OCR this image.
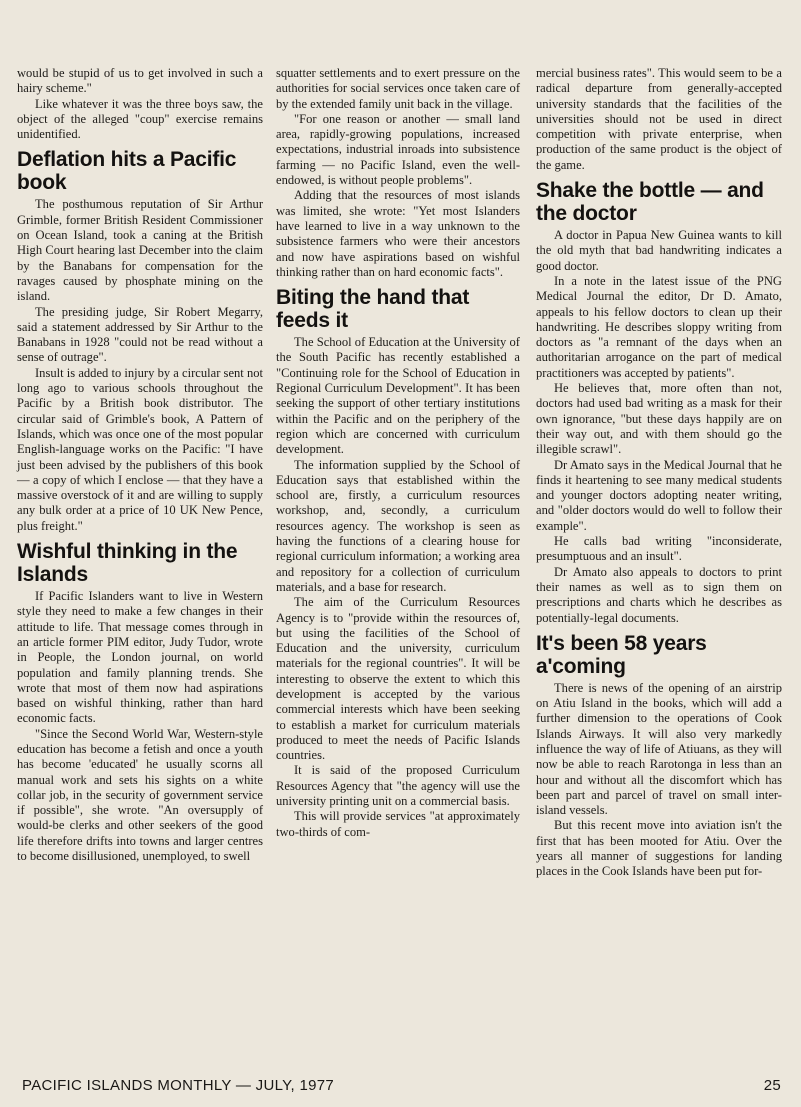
would be stupid of us to get involved in such a hairy scheme."

Like whatever it was the three boys saw, the object of the alleged "coup" exercise remains unidentified.

Deflation hits a Pacific book

The posthumous reputation of Sir Arthur Grimble, former British Resident Commissioner on Ocean Island, took a caning at the British High Court hearing last December into the claim by the Banabans for compensation for the ravages caused by phosphate mining on the island.

The presiding judge, Sir Robert Megarry, said a statement addressed by Sir Arthur to the Banabans in 1928 "could not be read without a sense of outrage".

Insult is added to injury by a circular sent not long ago to various schools throughout the Pacific by a British book distributor. The circular said of Grimble's book, A Pattern of Islands, which was once one of the most popular English-language works on the Pacific: "I have just been advised by the publishers of this book — a copy of which I enclose — that they have a massive overstock of it and are willing to supply any bulk order at a price of 10 UK New Pence, plus freight."

Wishful thinking in the Islands

If Pacific Islanders want to live in Western style they need to make a few changes in their attitude to life. That message comes through in an article former PIM editor, Judy Tudor, wrote in People, the London journal, on world population and family planning trends. She wrote that most of them now had aspirations based on wishful thinking, rather than hard economic facts.

"Since the Second World War, Western-style education has become a fetish and once a youth has become 'educated' he usually scorns all manual work and sets his sights on a white collar job, in the security of government service if possible", she wrote. "An oversupply of would-be clerks and other seekers of the good life therefore drifts into towns and larger centres to become disillusioned, unemployed, to swell

squatter settlements and to exert pressure on the authorities for social services once taken care of by the extended family unit back in the village.

"For one reason or another — small land area, rapidly-growing populations, increased expectations, industrial inroads into subsistence farming — no Pacific Island, even the well-endowed, is without people problems".

Adding that the resources of most islands was limited, she wrote: "Yet most Islanders have learned to live in a way unknown to the subsistence farmers who were their ancestors and now have aspirations based on wishful thinking rather than on hard economic facts".

Biting the hand that feeds it

The School of Education at the University of the South Pacific has recently established a "Continuing role for the School of Education in Regional Curriculum Development". It has been seeking the support of other tertiary institutions within the Pacific and on the periphery of the region which are concerned with curriculum development.

The information supplied by the School of Education says that established within the school are, firstly, a curriculum resources workshop, and, secondly, a curriculum resources agency. The workshop is seen as having the functions of a clearing house for regional curriculum information; a working area and repository for a collection of curriculum materials, and a base for research.

The aim of the Curriculum Resources Agency is to "provide within the resources of, but using the facilities of the School of Education and the university, curriculum materials for the regional countries". It will be interesting to observe the extent to which this development is accepted by the various commercial interests which have been seeking to establish a market for curriculum materials produced to meet the needs of Pacific Islands countries.

It is said of the proposed Curriculum Resources Agency that "the agency will use the university printing unit on a commercial basis.

This will provide services "at approximately two-thirds of com-

mercial business rates". This would seem to be a radical departure from generally-accepted university standards that the facilities of the universities should not be used in direct competition with private enterprise, when production of the same product is the object of the game.

Shake the bottle — and the doctor

A doctor in Papua New Guinea wants to kill the old myth that bad handwriting indicates a good doctor.

In a note in the latest issue of the PNG Medical Journal the editor, Dr D. Amato, appeals to his fellow doctors to clean up their handwriting. He describes sloppy writing from doctors as "a remnant of the days when an authoritarian arrogance on the part of medical practitioners was accepted by patients".

He believes that, more often than not, doctors had used bad writing as a mask for their own ignorance, "but these days happily are on their way out, and with them should go the illegible scrawl".

Dr Amato says in the Medical Journal that he finds it heartening to see many medical students and younger doctors adopting neater writing, and "older doctors would do well to follow their example".

He calls bad writing "inconsiderate, presumptuous and an insult".

Dr Amato also appeals to doctors to print their names as well as to sign them on prescriptions and charts which he describes as potentially-legal documents.

It's been 58 years a'coming

There is news of the opening of an airstrip on Atiu Island in the books, which will add a further dimension to the operations of Cook Islands Airways. It will also very markedly influence the way of life of Atiuans, as they will now be able to reach Rarotonga in less than an hour and without all the discomfort which has been part and parcel of travel on small inter-island vessels.

But this recent move into aviation isn't the first that has been mooted for Atiu. Over the years all manner of suggestions for landing places in the Cook Islands have been put for-

PACIFIC ISLANDS MONTHLY — JULY, 1977	25
